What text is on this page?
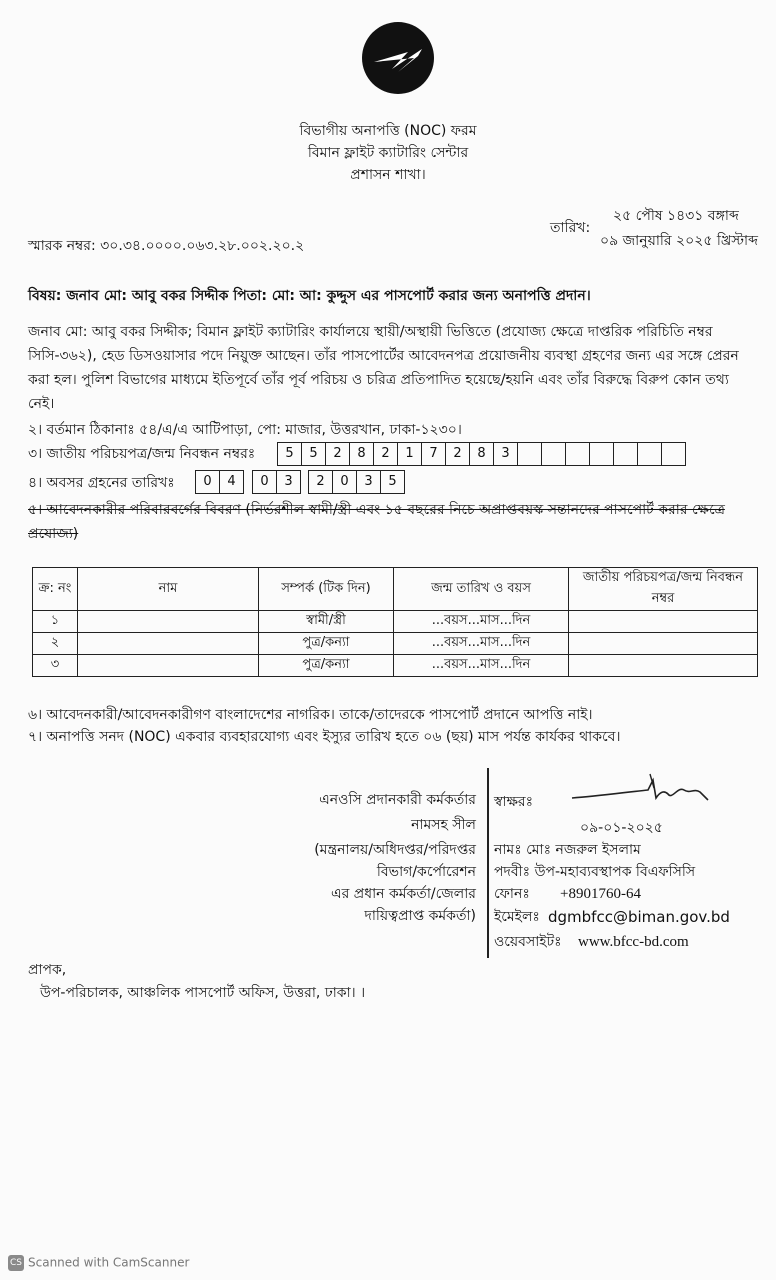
বিভাগীয় অনাপত্তি (NOC) ফরম
বিমান ফ্লাইট ক্যাটারিং সেন্টার
প্রশাসন শাখা।
২৫ পৌষ ১৪৩১ বঙ্গাব্দ
তারিখ:
০৯ জানুয়ারি ২০২৫ খ্রিস্টাব্দ
স্মারক নম্বর: ৩০.৩৪.০০০০.০৬৩.২৮.০০২.২০.২
বিষয়: জনাব মো: আবু বকর সিদ্দীক পিতা: মো: আ: কুদ্দুস এর পাসপোর্ট করার জন্য অনাপত্তি প্রদান।
জনাব মো: আবু বকর সিদ্দীক; বিমান ফ্লাইট ক্যাটারিং কার্যালয়ে স্থায়ী/অস্থায়ী ভিত্তিতে (প্রযোজ্য ক্ষেত্রে দাপ্তরিক পরিচিতি নম্বর সিসি-৩৬২), হেড ডিসওয়াসার পদে নিয়ুক্ত আছেন। তাঁর পাসপোর্টের আবেদনপত্র প্রয়োজনীয় ব্যবস্থা গ্রহণের জন্য এর সঙ্গে প্রেরন করা হল। পুলিশ বিভাগের মাধ্যমে ইতিপূর্বে তাঁর পূর্ব পরিচয় ও চরিত্র প্রতিপাদিত হয়েছে/হয়নি এবং তাঁর বিরুদ্ধে বিরুপ কোন তথ্য নেই।
২। বর্তমান ঠিকানাঃ ৫৪/এ/এ আটিপাড়া, পো: মাজার, উত্তরখান, ঢাকা-১২৩০।
৩। জাতীয় পরিচয়পত্র/জন্ম নিবন্ধন নম্বরঃ	5	5	2	8	2	1	7	2	8	3
৪। অবসর গ্রহনের তারিখঃ	0	4	0	3	2	0	3	5
৫। আবেদনকারীর পরিবারবর্গের বিবরণ (নির্ভরশীল স্বামী/স্ত্রী এবং ১৫ বছরের নিচে অপ্রাপ্তবয়স্ক সন্তানদের পাসপোর্ট করার ক্ষেত্রে প্রযোজ্য)
ক্র: নং	নাম	সম্পর্ক (টিক দিন)	জন্ম তারিখ ও বয়স	জাতীয় পরিচয়পত্র/জন্ম নিবন্ধন নম্বর
১		স্বামী/স্ত্রী	...বয়স...মাস...দিন	
২		পুত্র/কন্যা	...বয়স...মাস...দিন	
৩		পুত্র/কন্যা	...বয়স...মাস...দিন	
৬। আবেদনকারী/আবেদনকারীগণ বাংলাদেশের নাগরিক। তাকে/তাদেরকে পাসপোর্ট প্রদানে আপত্তি নাই।
৭। অনাপত্তি সনদ (NOC) একবার ব্যবহারযোগ্য এবং ইস্যুর তারিখ হতে ০৬ (ছয়) মাস পর্যন্ত কার্যকর থাকবে।
এনওসি প্রদানকারী কর্মকর্তার
নামসহ সীল
(মন্ত্রনালয়/অধিদপ্তর/পরিদপ্তর
বিভাগ/কর্পোরেশন
এর প্রধান কর্মকর্তা/জেলার
দায়িত্বপ্রাপ্ত কর্মকর্তা)
স্বাক্ষরঃ
০৯-০১-২০২৫
নামঃ মোঃ নজরুল ইসলাম
পদবীঃ উপ-মহাব্যবস্থাপক বিএফসিসি
ফোনঃ +8901760-64
ইমেইলঃ dgmbfcc@biman.gov.bd
ওয়েবসাইটঃ www.bfcc-bd.com
প্রাপক,
উপ-পরিচালক, আঞ্চলিক পাসপোর্ট অফিস, উত্তরা, ঢাকা। ।
CS Scanned with CamScanner
